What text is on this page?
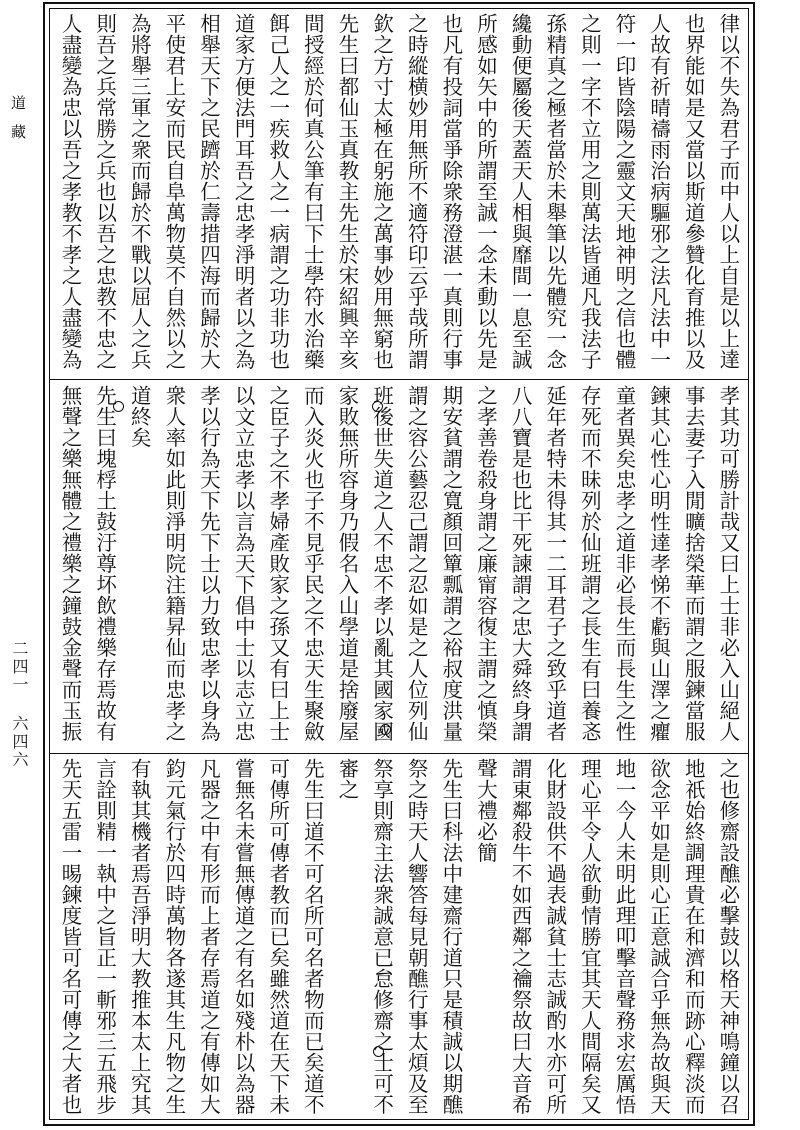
道藏
二四一 六四六
律以不失為君子而中人以上自是以上達
也界能如是又當以斯道參贊化育推以及
人故有祈晴禱雨治病驅邪之法凡法中一
符一印皆陰陽之靈文天地神明之信也體
之則一字不立用之則萬法皆通凡我法子
孫精真之極者當於未舉筆以先體究一念
纔動便屬後天蓋天人相與靡間一息至誠
所感如矢中的所謂至誠一念未動以先是
也凡有投詞當爭除衆務澄湛一真則行事
之時縱横妙用無所不適符印云乎哉所謂
欽之方寸太極在躬施之萬事妙用無窮也
先生曰都仙玉真教主先生於宋紹興辛亥
間授經於何真公筆有曰下士學符水治藥
餌己人之一疾救人之一病謂之功非功也
道家方便法門耳吾之忠孝淨明者以之為
相舉天下之民躋於仁壽措四海而歸於大
平使君上安而民自阜萬物莫不自然以之
為將舉三軍之衆而歸於不戰以屈人之兵
則吾之兵常勝之兵也以吾之忠教不忠之
人盡變為忠以吾之孝教不孝之人盡變為
孝其功可勝計哉又曰上士非必入山絕人
事去妻子入閒曠捨榮華而謂之服鍊當服
鍊其心性心明性達孝悌不虧與山澤之癯
童者異矣忠孝之道非必長生而長生之性
存死而不昧列於仙班謂之長生有曰養忞
延年者特未得其一二耳君子之致乎道者
八八寶是也比干死諫謂之忠大舜終身謂
之孝善卷殺身謂之廉甯容復主謂之慎榮
期安貧謂之寬顏回簞瓢謂之裕叔度洪量
謂之容公藝忍己謂之忍如是之人位列仙
班後世失道之人不忠不孝以亂其國家國
家敗無所容身乃假名入山學道是捨廢屋
而入炎火也子不見乎民之不忠天生聚斂
之臣子之不孝婦產敗家之孫又有曰上士
以文立忠孝以言為天下倡中士以志立忠
孝以行為天下先下士以力致忠孝以身為
衆人率如此則淨明院注籍昇仙而忠孝之
道終矣
先生曰塊桴土鼓汙尊坏飲禮樂存焉故有
無聲之樂無體之禮樂之鐘鼓金聲而玉振
之也修齋設醮必擊鼓以格天神鳴鐘以召
地祇始終調理貴在和濟和而跡心釋淡而
欲念平如是則心正意誠合乎無為故與天
地一今人未明此理叩擊音聲務求宏厲悟
理心平令人欲動情勝宜其天人間隔矣又
化財設供不過表誠貧士志誠酌水亦可所
謂東鄰殺牛不如西鄰之禴祭故曰大音希
聲大禮必簡
先生曰科法中建齋行道只是積誠以期醮
祭之時天人響答每見朝醮行事太煩及至
祭享則齋主法衆誠意已怠修齋之士可不
審之
先生曰道不可名所可名者物而已矣道不
可傳所可傳者教而已矣雖然道在天下未
嘗無名未嘗無傳道之有名如殘朴以為器
凡器之中有形而上者存焉道之有傳如大
鈞元氣行於四時萬物各遂其生凡物之生
有執其機者焉吾淨明大教推本太上究其
言詮則精一執中之旨正一斬邪三五飛步
先天五雷一晹鍊度皆可名可傳之大者也
